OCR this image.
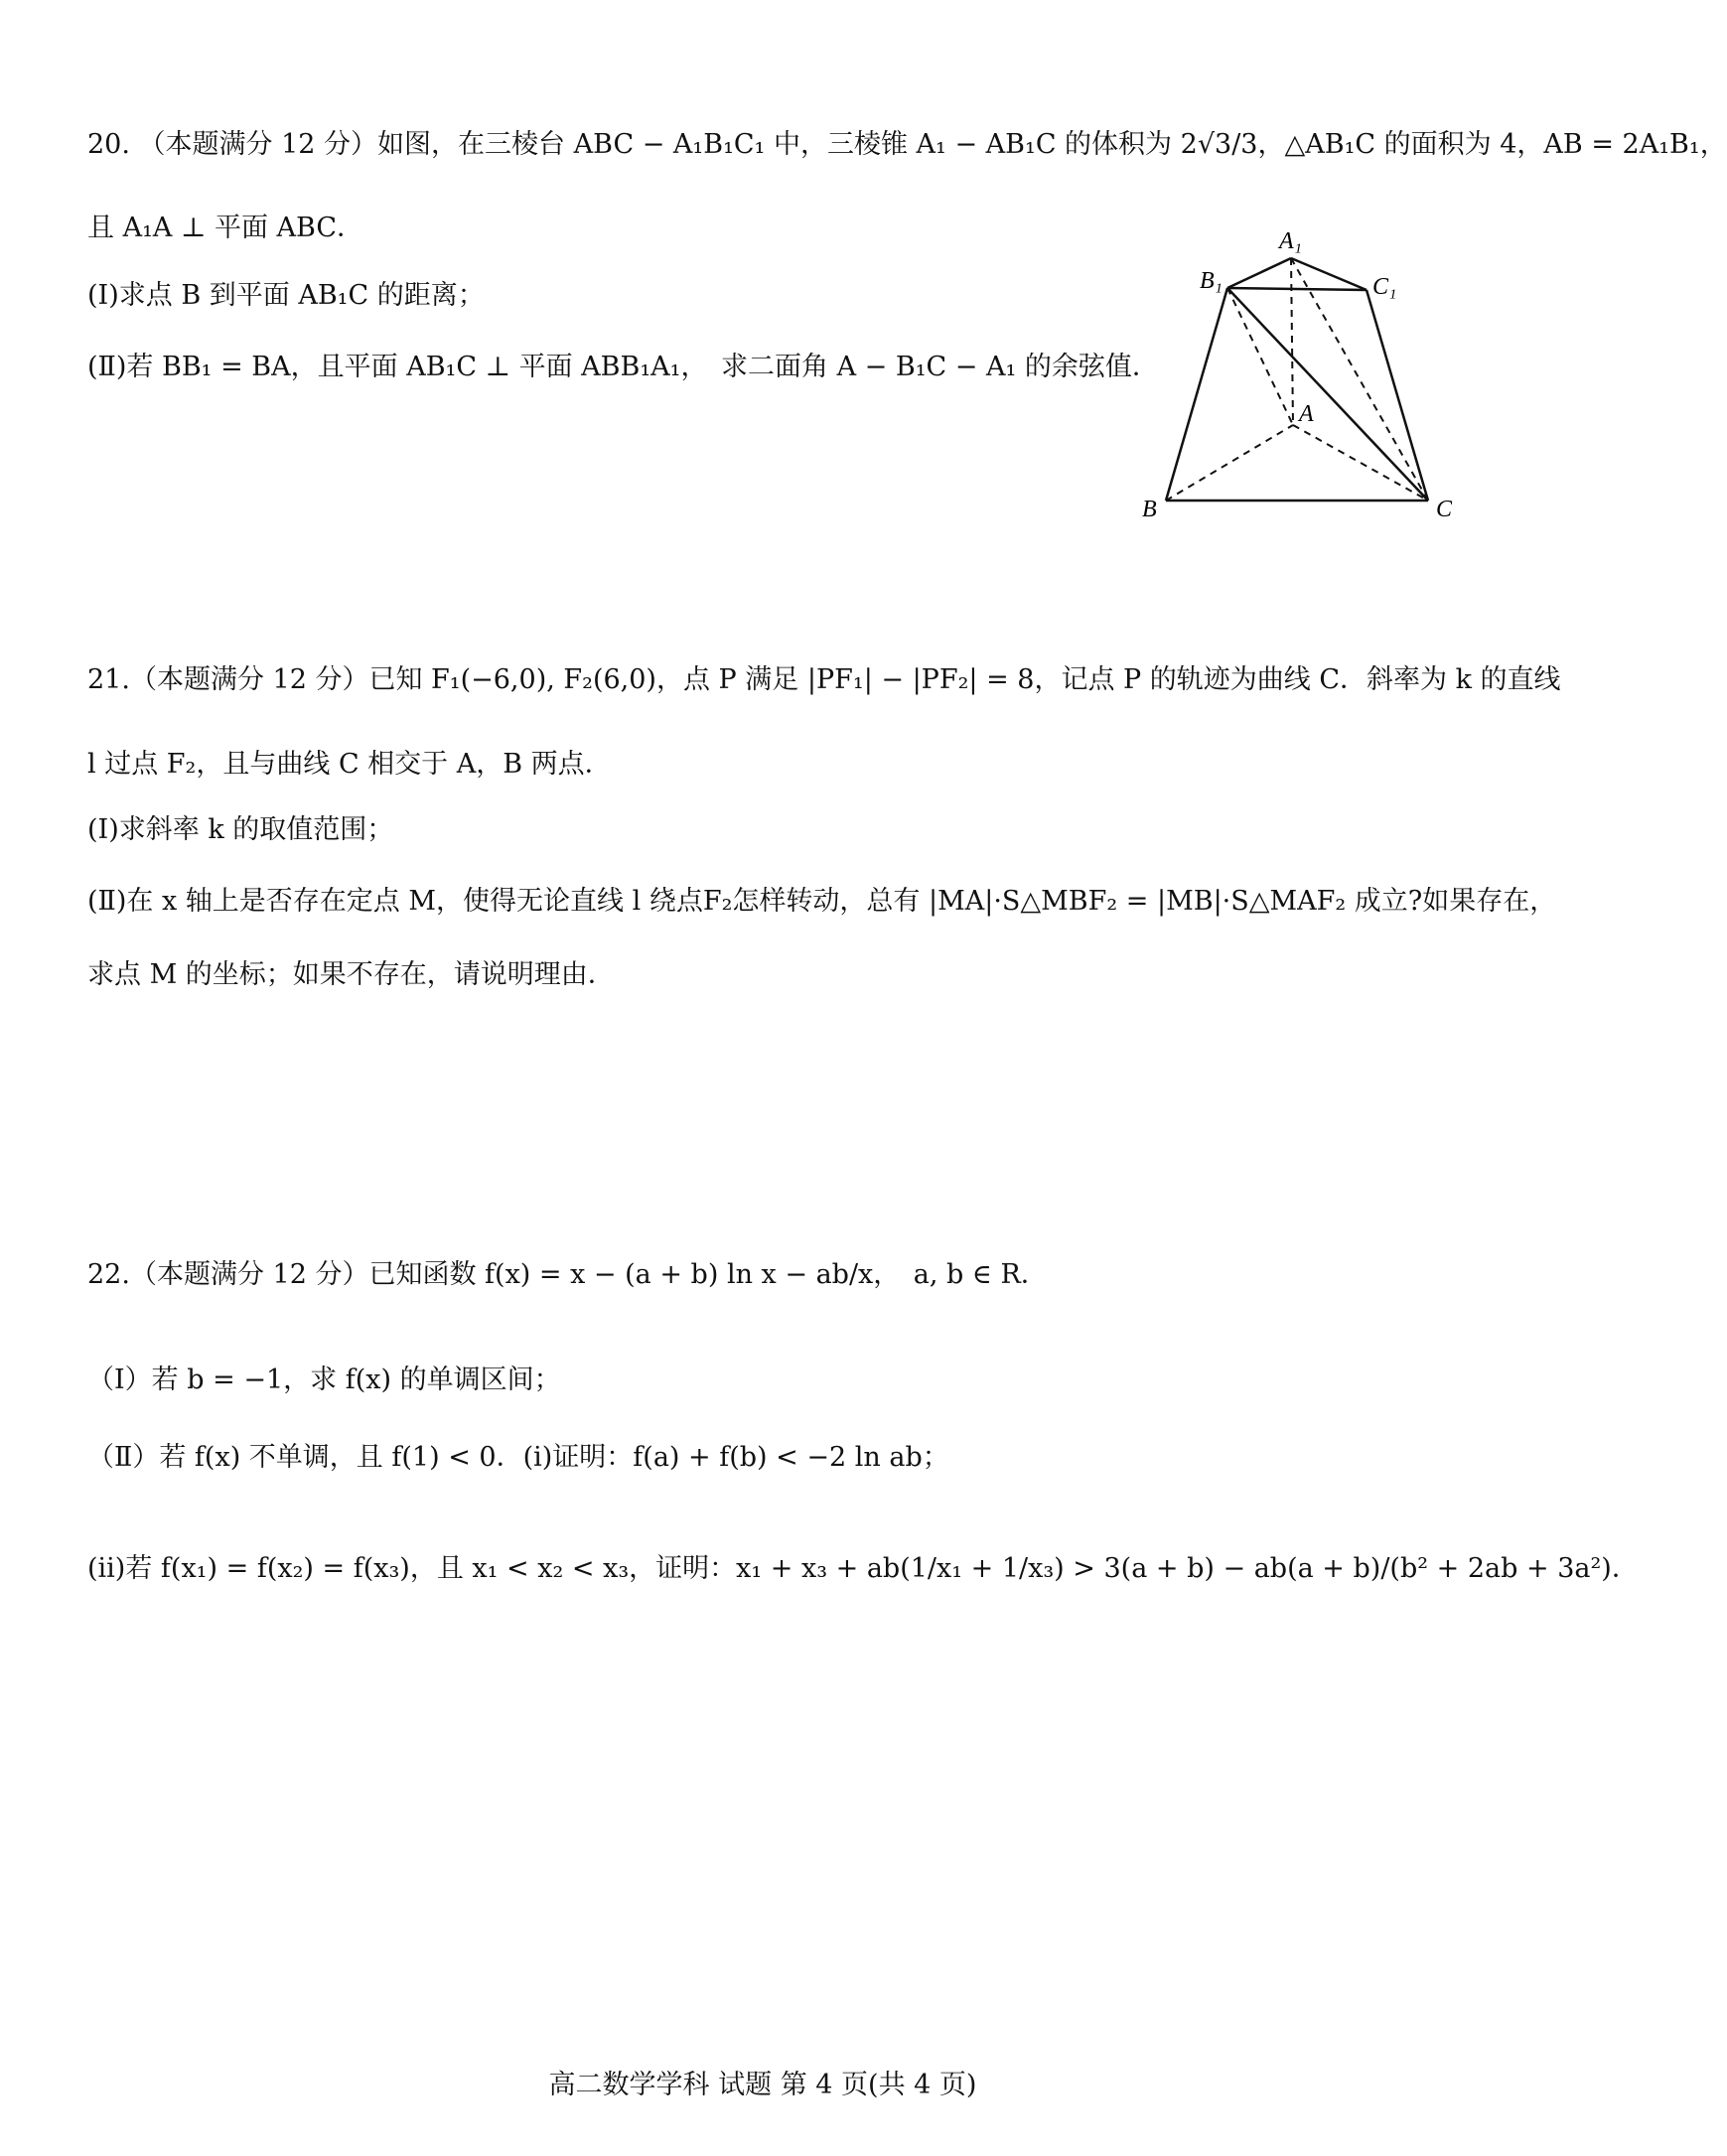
20. （本题满分 12 分）如图，在三棱台 ABC − A₁B₁C₁ 中，三棱锥 A₁ − AB₁C 的体积为 2√3/3，△AB₁C 的面积为 4，AB = 2A₁B₁，
且 A₁A ⊥ 平面 ABC．
(Ⅰ)求点 B 到平面 AB₁C 的距离；
(Ⅱ)若 BB₁ = BA，且平面 AB₁C ⊥ 平面 ABB₁A₁，　求二面角 A − B₁C − A₁ 的余弦值．
A₁
B₁	C₁
A
B	C
21.（本题满分 12 分）已知 F₁(−6,0), F₂(6,0)，点 P 满足 |PF₁| − |PF₂| = 8，记点 P 的轨迹为曲线 C．斜率为 k 的直线
l 过点 F₂，且与曲线 C 相交于 A，B 两点．
(Ⅰ)求斜率 k 的取值范围；
(Ⅱ)在 x 轴上是否存在定点 M，使得无论直线 l 绕点F₂怎样转动，总有 |MA|·S△MBF₂ = |MB|·S△MAF₂ 成立?如果存在，
求点 M 的坐标；如果不存在，请说明理由．
22.（本题满分 12 分）已知函数 f(x) = x − (a + b) ln x − ab/x，　a, b ∈ R．
（Ⅰ）若 b = −1，求 f(x) 的单调区间；
（Ⅱ）若 f(x) 不单调，且 f(1) < 0．(i)证明：f(a) + f(b) < −2 ln ab；
(ii)若 f(x₁) = f(x₂) = f(x₃)，且 x₁ < x₂ < x₃，证明：x₁ + x₃ + ab(1/x₁ + 1/x₃) > 3(a + b) − ab(a + b)/(b² + 2ab + 3a²)．
高二数学学科 试题 第 4 页(共 4 页)
